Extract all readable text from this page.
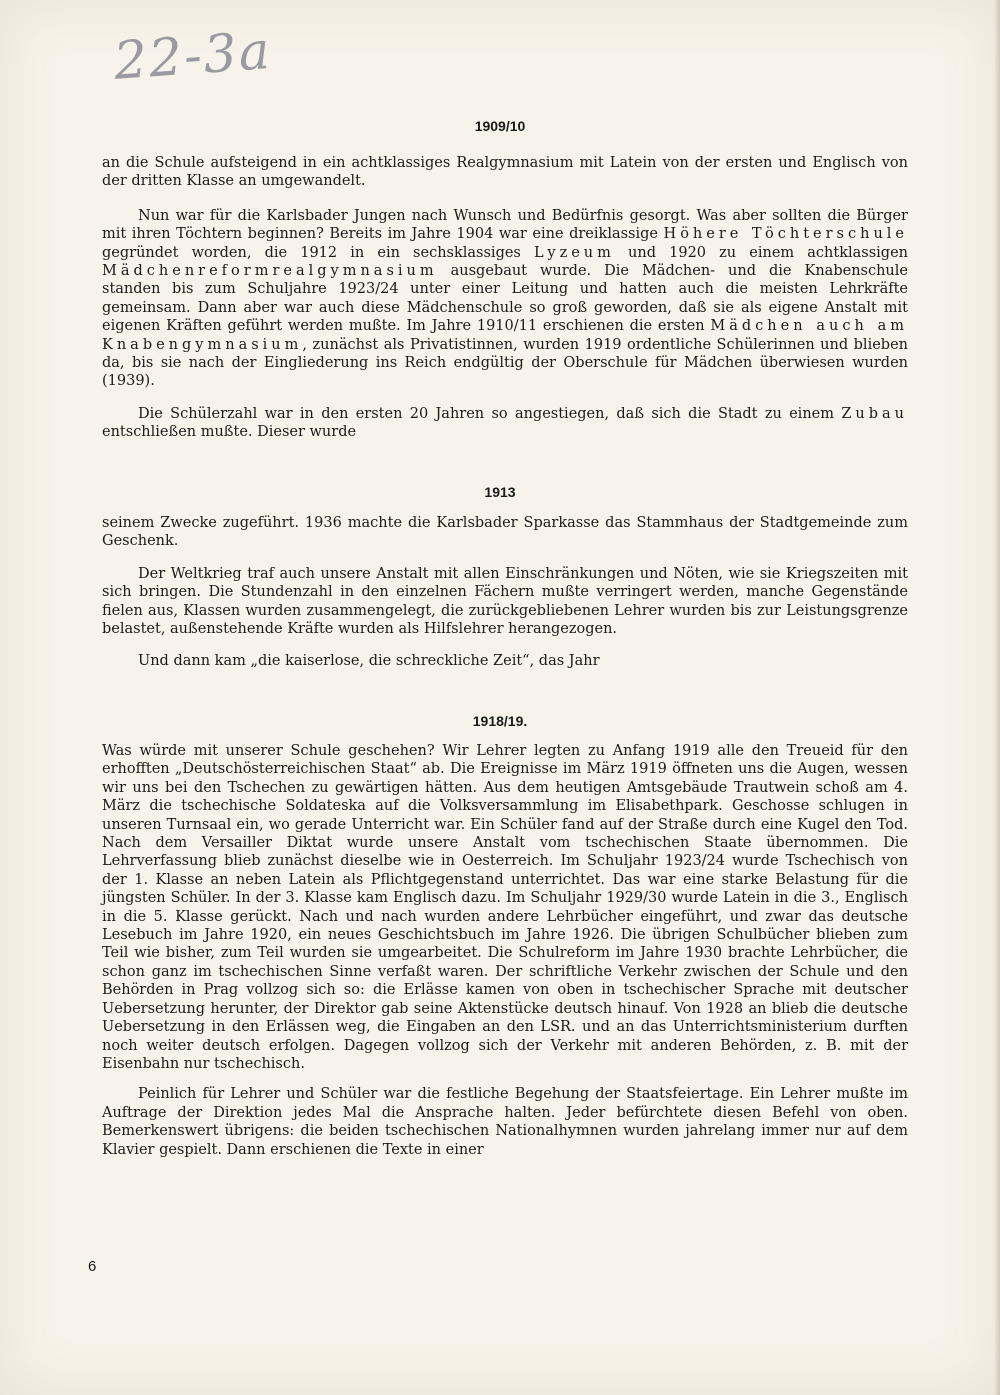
22-3a
1909/10

an die Schule aufsteigend in ein achtklassiges Realgymnasium mit Latein von der ersten und Englisch von der dritten Klasse an umgewandelt.

Nun war für die Karlsbader Jungen nach Wunsch und Bedürfnis gesorgt. Was aber sollten die Bürger mit ihren Töchtern beginnen? Bereits im Jahre 1904 war eine dreiklassige Höhere Töchterschule gegründet worden, die 1912 in ein sechsklassiges Lyzeum und 1920 zu einem achtklassigen Mädchenreformrealgymnasium ausgebaut wurde. Die Mädchen- und die Knabenschule standen bis zum Schuljahre 1923/24 unter einer Leitung und hatten auch die meisten Lehrkräfte gemeinsam. Dann aber war auch diese Mädchenschule so groß geworden, daß sie als eigene Anstalt mit eigenen Kräften geführt werden mußte. Im Jahre 1910/11 erschienen die ersten Mädchen auch am Knabengymnasium, zunächst als Privatistinnen, wurden 1919 ordentliche Schülerinnen und blieben da, bis sie nach der Eingliederung ins Reich endgültig der Oberschule für Mädchen überwiesen wurden (1939).

Die Schülerzahl war in den ersten 20 Jahren so angestiegen, daß sich die Stadt zu einem Zubau entschließen mußte. Dieser wurde

1913

seinem Zwecke zugeführt. 1936 machte die Karlsbader Sparkasse das Stammhaus der Stadtgemeinde zum Geschenk.

Der Weltkrieg traf auch unsere Anstalt mit allen Einschränkungen und Nöten, wie sie Kriegszeiten mit sich bringen. Die Stundenzahl in den einzelnen Fächern mußte verringert werden, manche Gegenstände fielen aus, Klassen wurden zusammengelegt, die zurückgebliebenen Lehrer wurden bis zur Leistungsgrenze belastet, außenstehende Kräfte wurden als Hilfslehrer herangezogen.

Und dann kam „die kaiserlose, die schreckliche Zeit“, das Jahr

1918/19.

Was würde mit unserer Schule geschehen? Wir Lehrer legten zu Anfang 1919 alle den Treueid für den erhofften „Deutschösterreichischen Staat“ ab. Die Ereignisse im März 1919 öffneten uns die Augen, wessen wir uns bei den Tschechen zu gewärtigen hätten. Aus dem heutigen Amtsgebäude Trautwein schoß am 4. März die tschechische Soldateska auf die Volksversammlung im Elisabethpark. Geschosse schlugen in unseren Turnsaal ein, wo gerade Unterricht war. Ein Schüler fand auf der Straße durch eine Kugel den Tod. Nach dem Versailler Diktat wurde unsere Anstalt vom tschechischen Staate übernommen. Die Lehrverfassung blieb zunächst dieselbe wie in Oesterreich. Im Schuljahr 1923/24 wurde Tschechisch von der 1. Klasse an neben Latein als Pflichtgegenstand unterrichtet. Das war eine starke Belastung für die jüngsten Schüler. In der 3. Klasse kam Englisch dazu. Im Schuljahr 1929/30 wurde Latein in die 3., Englisch in die 5. Klasse gerückt. Nach und nach wurden andere Lehrbücher eingeführt, und zwar das deutsche Lesebuch im Jahre 1920, ein neues Geschichtsbuch im Jahre 1926. Die übrigen Schulbücher blieben zum Teil wie bisher, zum Teil wurden sie umgearbeitet. Die Schulreform im Jahre 1930 brachte Lehrbücher, die schon ganz im tschechischen Sinne verfaßt waren. Der schriftliche Verkehr zwischen der Schule und den Behörden in Prag vollzog sich so: die Erlässe kamen von oben in tschechischer Sprache mit deutscher Uebersetzung herunter, der Direktor gab seine Aktenstücke deutsch hinauf. Von 1928 an blieb die deutsche Uebersetzung in den Erlässen weg, die Eingaben an den LSR. und an das Unterrichtsministerium durften noch weiter deutsch erfolgen. Dagegen vollzog sich der Verkehr mit anderen Behörden, z. B. mit der Eisenbahn nur tschechisch.

Peinlich für Lehrer und Schüler war die festliche Begehung der Staatsfeiertage. Ein Lehrer mußte im Auftrage der Direktion jedes Mal die Ansprache halten. Jeder befürchtete diesen Befehl von oben. Bemerkenswert übrigens: die beiden tschechischen Nationalhymnen wurden jahrelang immer nur auf dem Klavier gespielt. Dann erschienen die Texte in einer

6
